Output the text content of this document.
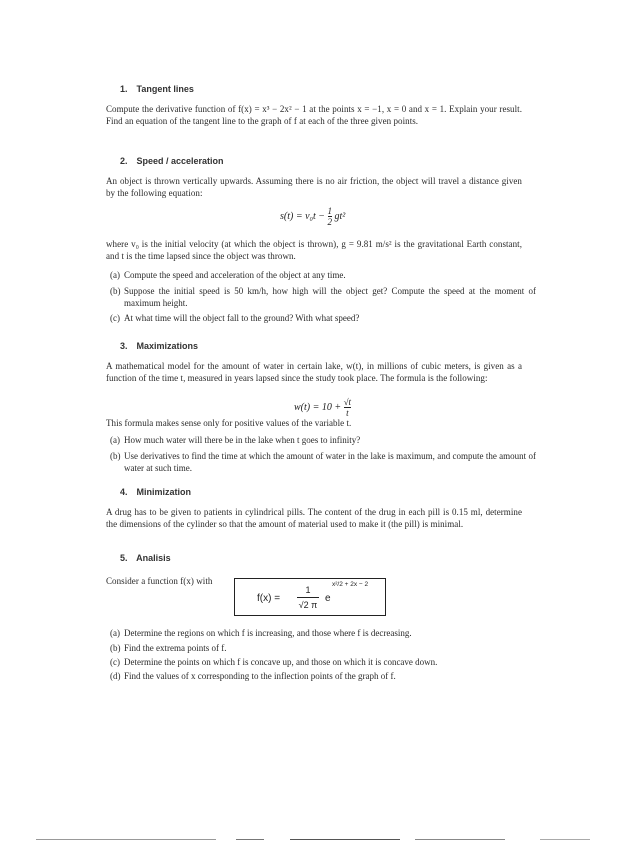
1. Tangent lines
Compute the derivative function of f(x) = x³ − 2x² − 1 at the points x = −1, x = 0 and x = 1. Explain your result. Find an equation of the tangent line to the graph of f at each of the three given points.
2. Speed / acceleration
An object is thrown vertically upwards. Assuming there is no air friction, the object will travel a distance given by the following equation:
$s(t) = v_0t - \frac{1}{2} gt^2$
where v₀ is the initial velocity (at which the object is thrown), g = 9.81 m/s² is the gravitational Earth constant, and t is the time lapsed since the object was thrown.
(a) Compute the speed and acceleration of the object at any time.
(b) Suppose the initial speed is 50 km/h, how high will the object get? Compute the speed at the moment of maximum height.
(c) At what time will the object fall to the ground? With what speed?
3. Maximizations
A mathematical model for the amount of water in certain lake, w(t), in millions of cubic meters, is given as a function of the time t, measured in years lapsed since the study took place. The formula is the following:
$w(t) = 10 + \frac{√t}{t}$
This formula makes sense only for positive values of the variable t.
(a) How much water will there be in the lake when t goes to infinity?
(b) Use derivatives to find the time at which the amount of water in the lake is maximum, and compute the amount of water at such time.
4. Minimization
A drug has to be given to patients in cylindrical pills. The content of the drug in each pill is 0.15 ml, determine the dimensions of the cylinder so that the amount of material used to make it (the pill) is minimal.
5. Analisis
Consider a function f(x) with
f(x) =
1
√2 π
e
x²/2 + 2x − 2
(a) Determine the regions on which f is increasing, and those where f is decreasing.
(b) Find the extrema points of f.
(c) Determine the points on which f is concave up, and those on which it is concave down.
(d) Find the values of x corresponding to the inflection points of the graph of f.
